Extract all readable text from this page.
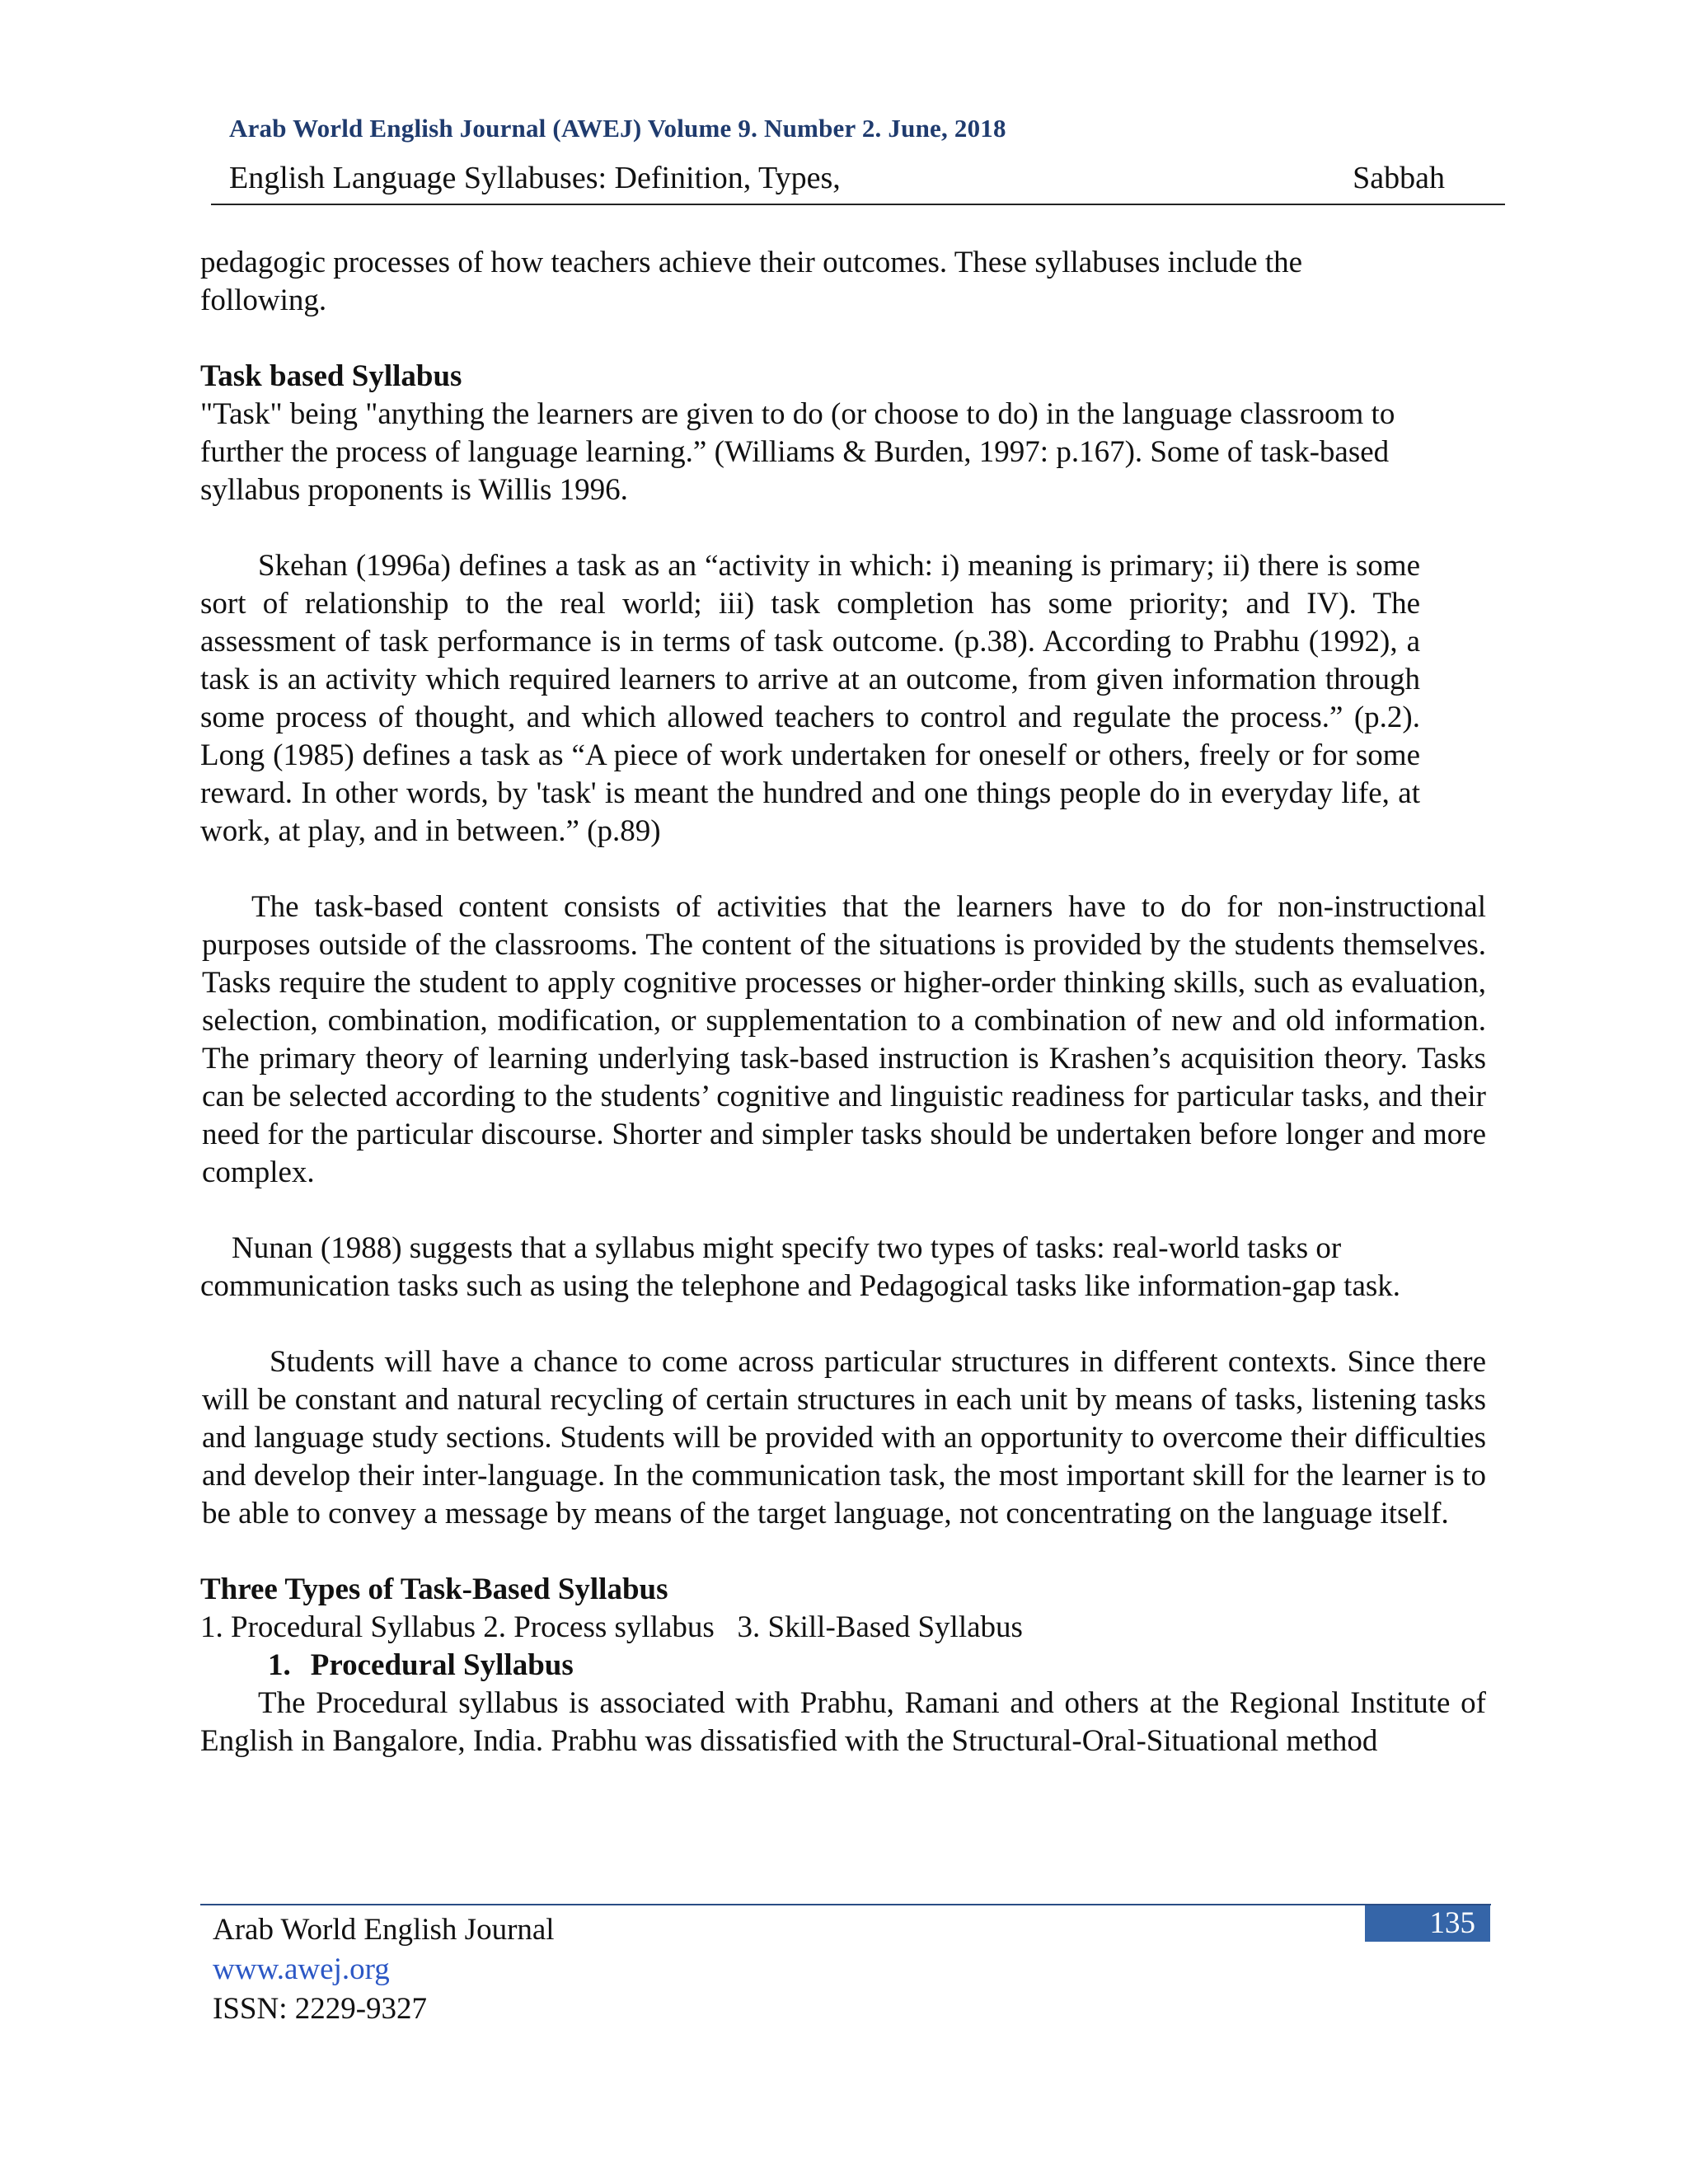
Arab World English Journal (AWEJ) Volume 9. Number 2. June, 2018
English Language Syllabuses: Definition, Types,	Sabbah

pedagogic processes of how teachers achieve their outcomes. These syllabuses include the following.

Task based Syllabus

"Task" being "anything the learners are given to do (or choose to do) in the language classroom to further the process of language learning.” (Williams & Burden, 1997: p.167). Some of task-based syllabus proponents is Willis 1996.

Skehan (1996a) defines a task as an “activity in which: i) meaning is primary; ii) there is some sort of relationship to the real world; iii) task completion has some priority; and IV). The assessment of task performance is in terms of task outcome. (p.38). According to Prabhu (1992), a task is an activity which required learners to arrive at an outcome, from given information through some process of thought, and which allowed teachers to control and regulate the process.” (p.2). Long (1985) defines a task as “A piece of work undertaken for oneself or others, freely or for some reward. In other words, by 'task' is meant the hundred and one things people do in everyday life, at work, at play, and in between.” (p.89)

The task-based content consists of activities that the learners have to do for non-instructional purposes outside of the classrooms. The content of the situations is provided by the students themselves. Tasks require the student to apply cognitive processes or higher-order thinking skills, such as evaluation, selection, combination, modification, or supplementation to a combination of new and old information. The primary theory of learning underlying task-based instruction is Krashen’s acquisition theory. Tasks can be selected according to the students’ cognitive and linguistic readiness for particular tasks, and their need for the particular discourse. Shorter and simpler tasks should be undertaken before longer and more complex.

Nunan (1988) suggests that a syllabus might specify two types of tasks: real-world tasks or communication tasks such as using the telephone and Pedagogical tasks like information-gap task.

Students will have a chance to come across particular structures in different contexts. Since there will be constant and natural recycling of certain structures in each unit by means of tasks, listening tasks and language study sections. Students will be provided with an opportunity to overcome their difficulties and develop their inter-language. In the communication task, the most important skill for the learner is to be able to convey a message by means of the target language, not concentrating on the language itself.

Three Types of Task-Based Syllabus

1. Procedural Syllabus 2. Process syllabus   3. Skill-Based Syllabus

1. Procedural Syllabus

The Procedural syllabus is associated with Prabhu, Ramani and others at the Regional Institute of English in Bangalore, India. Prabhu was dissatisfied with the Structural-Oral-Situational method

Arab World English Journal
www.awej.org
ISSN: 2229-9327
135
